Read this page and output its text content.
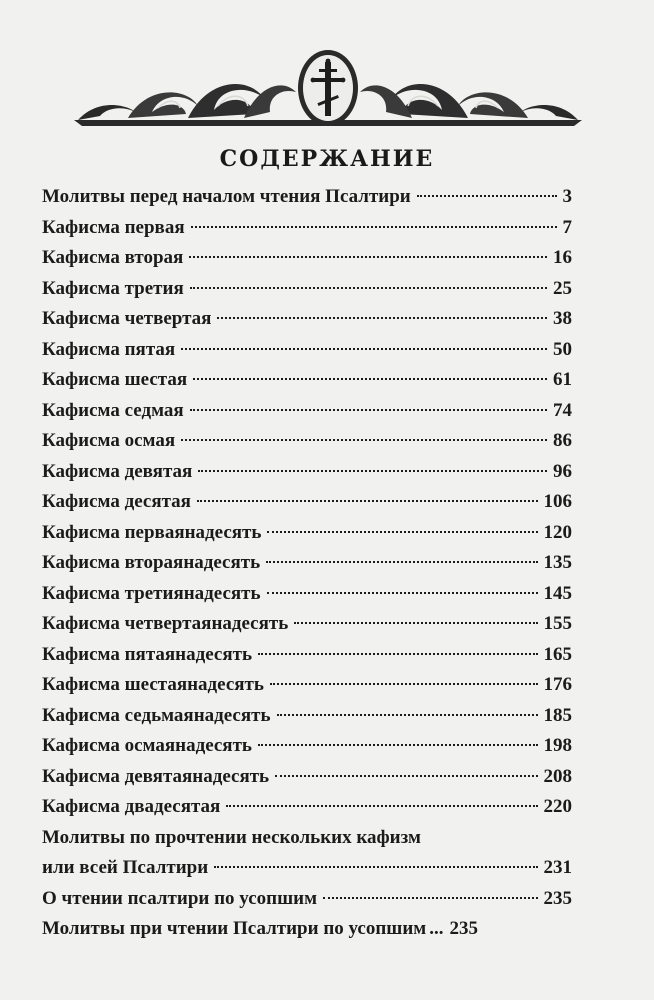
СОДЕРЖАНИЕ
Молитвы перед началом чтения Псалтири	3
Кафисма первая	7
Кафисма вторая	16
Кафисма третия	25
Кафисма четвертая	38
Кафисма пятая	50
Кафисма шестая	61
Кафисма седмая	74
Кафисма осмая	86
Кафисма девятая	96
Кафисма десятая	106
Кафисма перваянадесять	120
Кафисма втораянадесять	135
Кафисма третиянадесять	145
Кафисма четвертаянадесять	155
Кафисма пятаянадесять	165
Кафисма шестаянадесять	176
Кафисма седьмаянадесять	185
Кафисма осмаянадесять	198
Кафисма девятаянадесять	208
Кафисма двадесятая	220
Молитвы по прочтении нескольких кафизм
или всей Псалтири	231
О чтении псалтири по усопшим	235
Молитвы при чтении Псалтири по усопшим ... 235
